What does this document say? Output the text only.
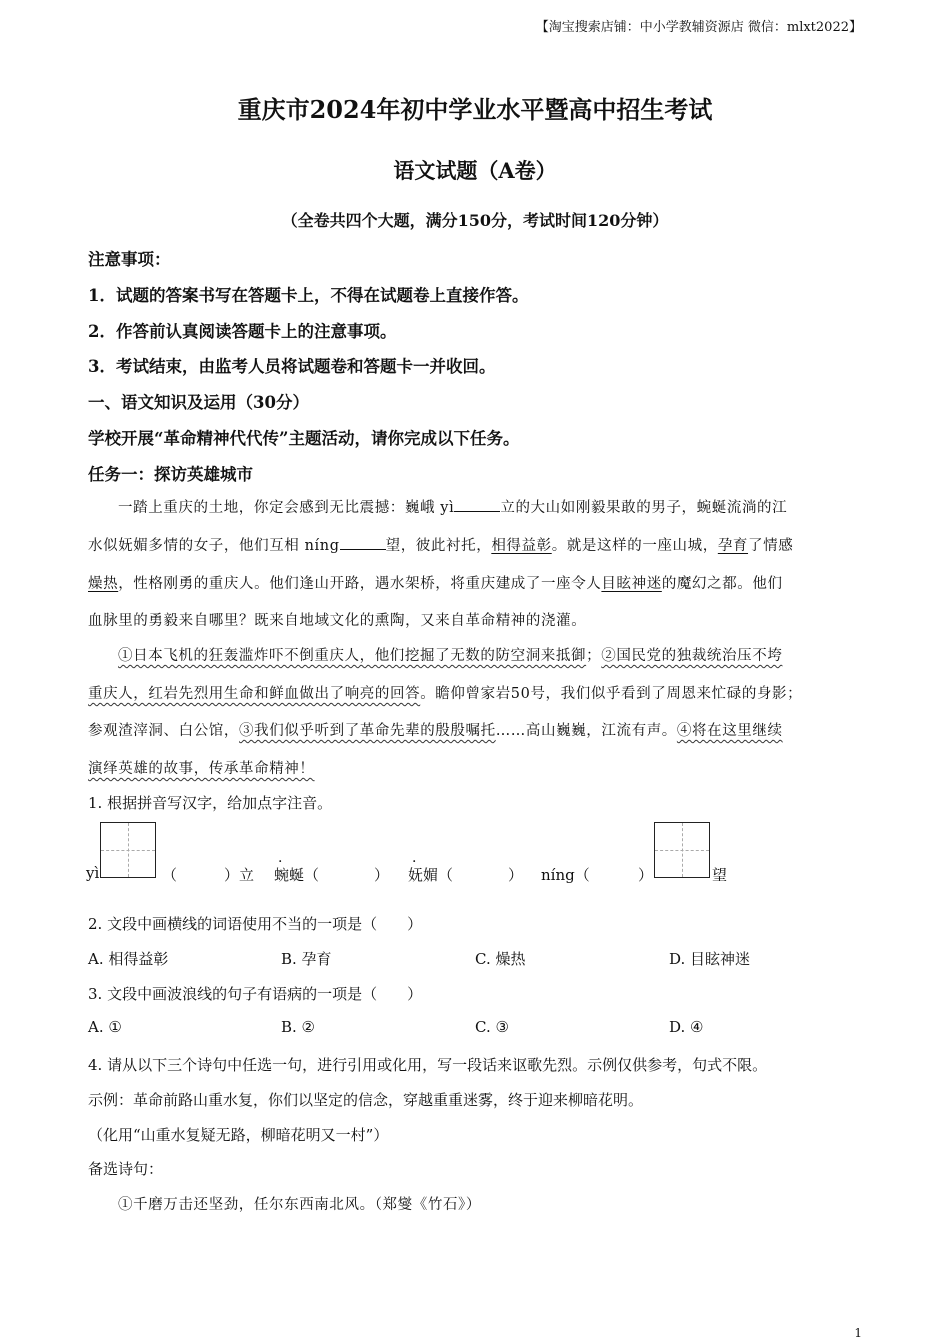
【淘宝搜索店铺：中小学教辅资源店 微信：mlxt2022】
重庆市2024年初中学业水平暨高中招生考试
语文试题（A卷）
（全卷共四个大题，满分150分，考试时间120分钟）
注意事项：
1．试题的答案书写在答题卡上，不得在试题卷上直接作答。
2．作答前认真阅读答题卡上的注意事项。
3．考试结束，由监考人员将试题卷和答题卡一并收回。
一、语文知识及运用（30分）
学校开展“革命精神代代传”主题活动，请你完成以下任务。
任务一：探访英雄城市
一踏上重庆的土地，你定会感到无比震撼：巍峨 yì	立的大山如刚毅果敢的男子，蜿蜒流淌的江
水似妩媚多情的女子，他们互相 níng	望，彼此衬托，相得益彰。就是这样的一座山城，孕育了情感
燥热，性格刚勇的重庆人。他们逢山开路，遇水架桥，将重庆建成了一座令人目眩神迷的魔幻之都。他们
血脉里的勇毅来自哪里？既来自地域文化的熏陶，又来自革命精神的浇灌。
①日本飞机的狂轰滥炸吓不倒重庆人，他们挖掘了无数的防空洞来抵御；②国民党的独裁统治压不垮
重庆人，红岩先烈用生命和鲜血做出了响亮的回答。瞻仰曾家岩50号，我们似乎看到了周恩来忙碌的身影；
参观渣滓洞、白公馆，③我们似乎听到了革命先辈的殷殷嘱托……高山巍巍，江流有声。④将在这里继续
演绎英雄的故事，传承革命精神！
1. 根据拼音写汉字，给加点字注音。
yì	（	）立 · 蜿蜒（	） · 妩媚（	） níng（	）	望
2. 文段中画横线的词语使用不当的一项是（　　）
A. 相得益彰	B. 孕育	C. 燥热	D. 目眩神迷
3. 文段中画波浪线的句子有语病的一项是（　　）
A. ①	B. ②	C. ③	D. ④
4. 请从以下三个诗句中任选一句，进行引用或化用，写一段话来讴歌先烈。示例仅供参考，句式不限。
示例：革命前路山重水复，你们以坚定的信念，穿越重重迷雾，终于迎来柳暗花明。
（化用“山重水复疑无路，柳暗花明又一村”）
备选诗句：
①千磨万击还坚劲，任尔东西南北风。（郑燮《竹石》）
1
